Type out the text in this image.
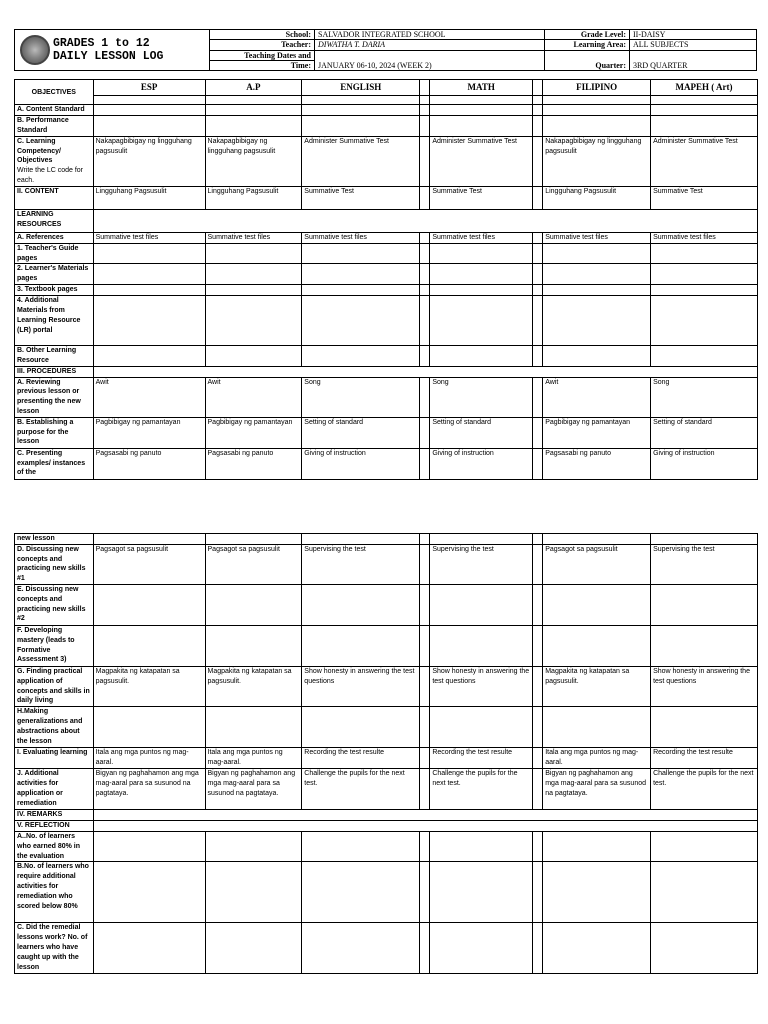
GRADES 1 to 12
DAILY LESSON LOG	School:	SALVADOR INTEGRATED SCHOOL	Grade Level:	II-DAISY
	Teacher:	DIWATHA T. DARIA	Learning Area:	ALL SUBJECTS
	Teaching Dates and	JANUARY 06-10, 2024 (WEEK 2)	Quarter:	3RD QUARTER
	Time:			
OBJECTIVES	ESP	A.P	ENGLISH		MATH		FILIPINO	MAPEH ( Art)

A. Content Standard								
B. Performance Standard								
C. Learning Competency/ Objectives
Write the LC code for each.	Nakapagbibigay ng lingguhang pagsusulit	Nakapagbibigay ng lingguhang pagsusulit	Administer Summative Test		Administer Summative Test		Nakapagbibigay ng lingguhang pagsusulit	Administer Summative Test
II. CONTENT	Lingguhang Pagsusulit	Lingguhang Pagsusulit	Summative Test		Summative Test		Lingguhang Pagsusulit	Summative Test
LEARNING RESOURCES								
A. References	Summative test files	Summative test files	Summative test files		Summative test files		Summative test files	Summative test files
1. Teacher's Guide pages								
2. Learner's Materials pages								
3. Textbook pages								
4. Additional Materials from Learning Resource (LR) portal								
B. Other Learning Resource								
III. PROCEDURES								
A. Reviewing previous lesson or presenting the new lesson	Awit	Awit	Song		Song		Awit	Song
B. Establishing a purpose for the lesson	Pagbibigay ng pamantayan	Pagbibigay ng pamantayan	Setting of standard		Setting of standard		Pagbibigay ng pamantayan	Setting of standard
C. Presenting examples/ instances of the	Pagsasabi ng panuto	Pagsasabi ng panuto	Giving of instruction		Giving of instruction		Pagsasabi ng panuto	Giving of instruction
new lesson								
D. Discussing new concepts and practicing new skills #1	Pagsagot sa pagsusulit	Pagsagot sa pagsusulit	Supervising the test		Supervising the test		Pagsagot sa pagsusulit	Supervising the test
E. Discussing new concepts and practicing new skills #2								
F. Developing mastery (leads to Formative Assessment 3)								
G. Finding practical application of concepts and skills in daily living	Magpakita ng katapatan sa pagsusulit.	Magpakita ng katapatan sa pagsusulit.	Show honesty in answering the test questions		Show honesty in answering the test questions		Magpakita ng katapatan sa pagsusulit.	Show honesty in answering the test questions
H.Making generalizations and abstractions about the lesson								
I. Evaluating learning	Itala ang mga puntos ng mag-aaral.	Itala ang mga puntos ng mag-aaral.	Recording the test resulte		Recording the test resulte		Itala ang mga puntos ng mag-aaral.	Recording the test resulte
J. Additional activities for application or remediation	Bigyan ng paghahamon ang mga mag-aaral para sa susunod na pagtataya.	Bigyan ng paghahamon ang mga mag-aaral para sa susunod na pagtataya.	Challenge the pupils for the next test.		Challenge the pupils for the next test.		Bigyan ng paghahamon ang mga mag-aaral para sa susunod na pagtataya.	Challenge the pupils for the next test.
IV. REMARKS								
V. REFLECTION								
A..No. of learners who earned 80% in the evaluation								
B.No. of learners who require additional activities for remediation who scored below 80%								
C. Did the remedial lessons work? No. of learners who have caught up with the lesson								
